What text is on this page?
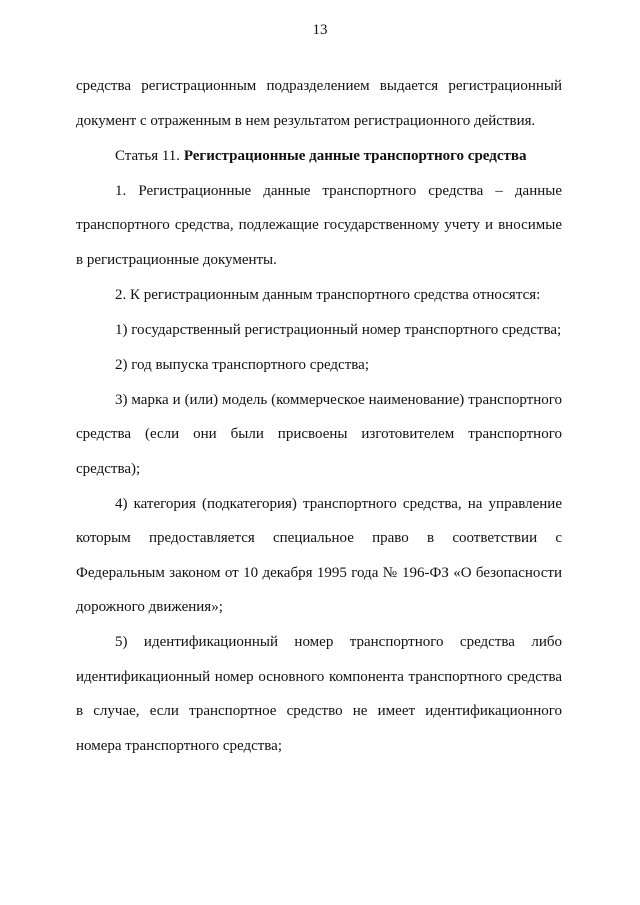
13

средства регистрационным подразделением выдается регистрационный документ с отраженным в нем результатом регистрационного действия.

Статья 11. Регистрационные данные транспортного средства

1. Регистрационные данные транспортного средства – данные транспортного средства, подлежащие государственному учету и вносимые в регистрационные документы.

2. К регистрационным данным транспортного средства относятся:

1) государственный регистрационный номер транспортного средства;

2) год выпуска транспортного средства;

3) марка и (или) модель (коммерческое наименование) транспортного средства (если они были присвоены изготовителем транспортного средства);

4) категория (подкатегория) транспортного средства, на управление которым предоставляется специальное право в соответствии с Федеральным законом от 10 декабря 1995 года № 196-ФЗ «О безопасности дорожного движения»;

5) идентификационный номер транспортного средства либо идентификационный номер основного компонента транспортного средства в случае, если транспортное средство не имеет идентификационного номера транспортного средства;
